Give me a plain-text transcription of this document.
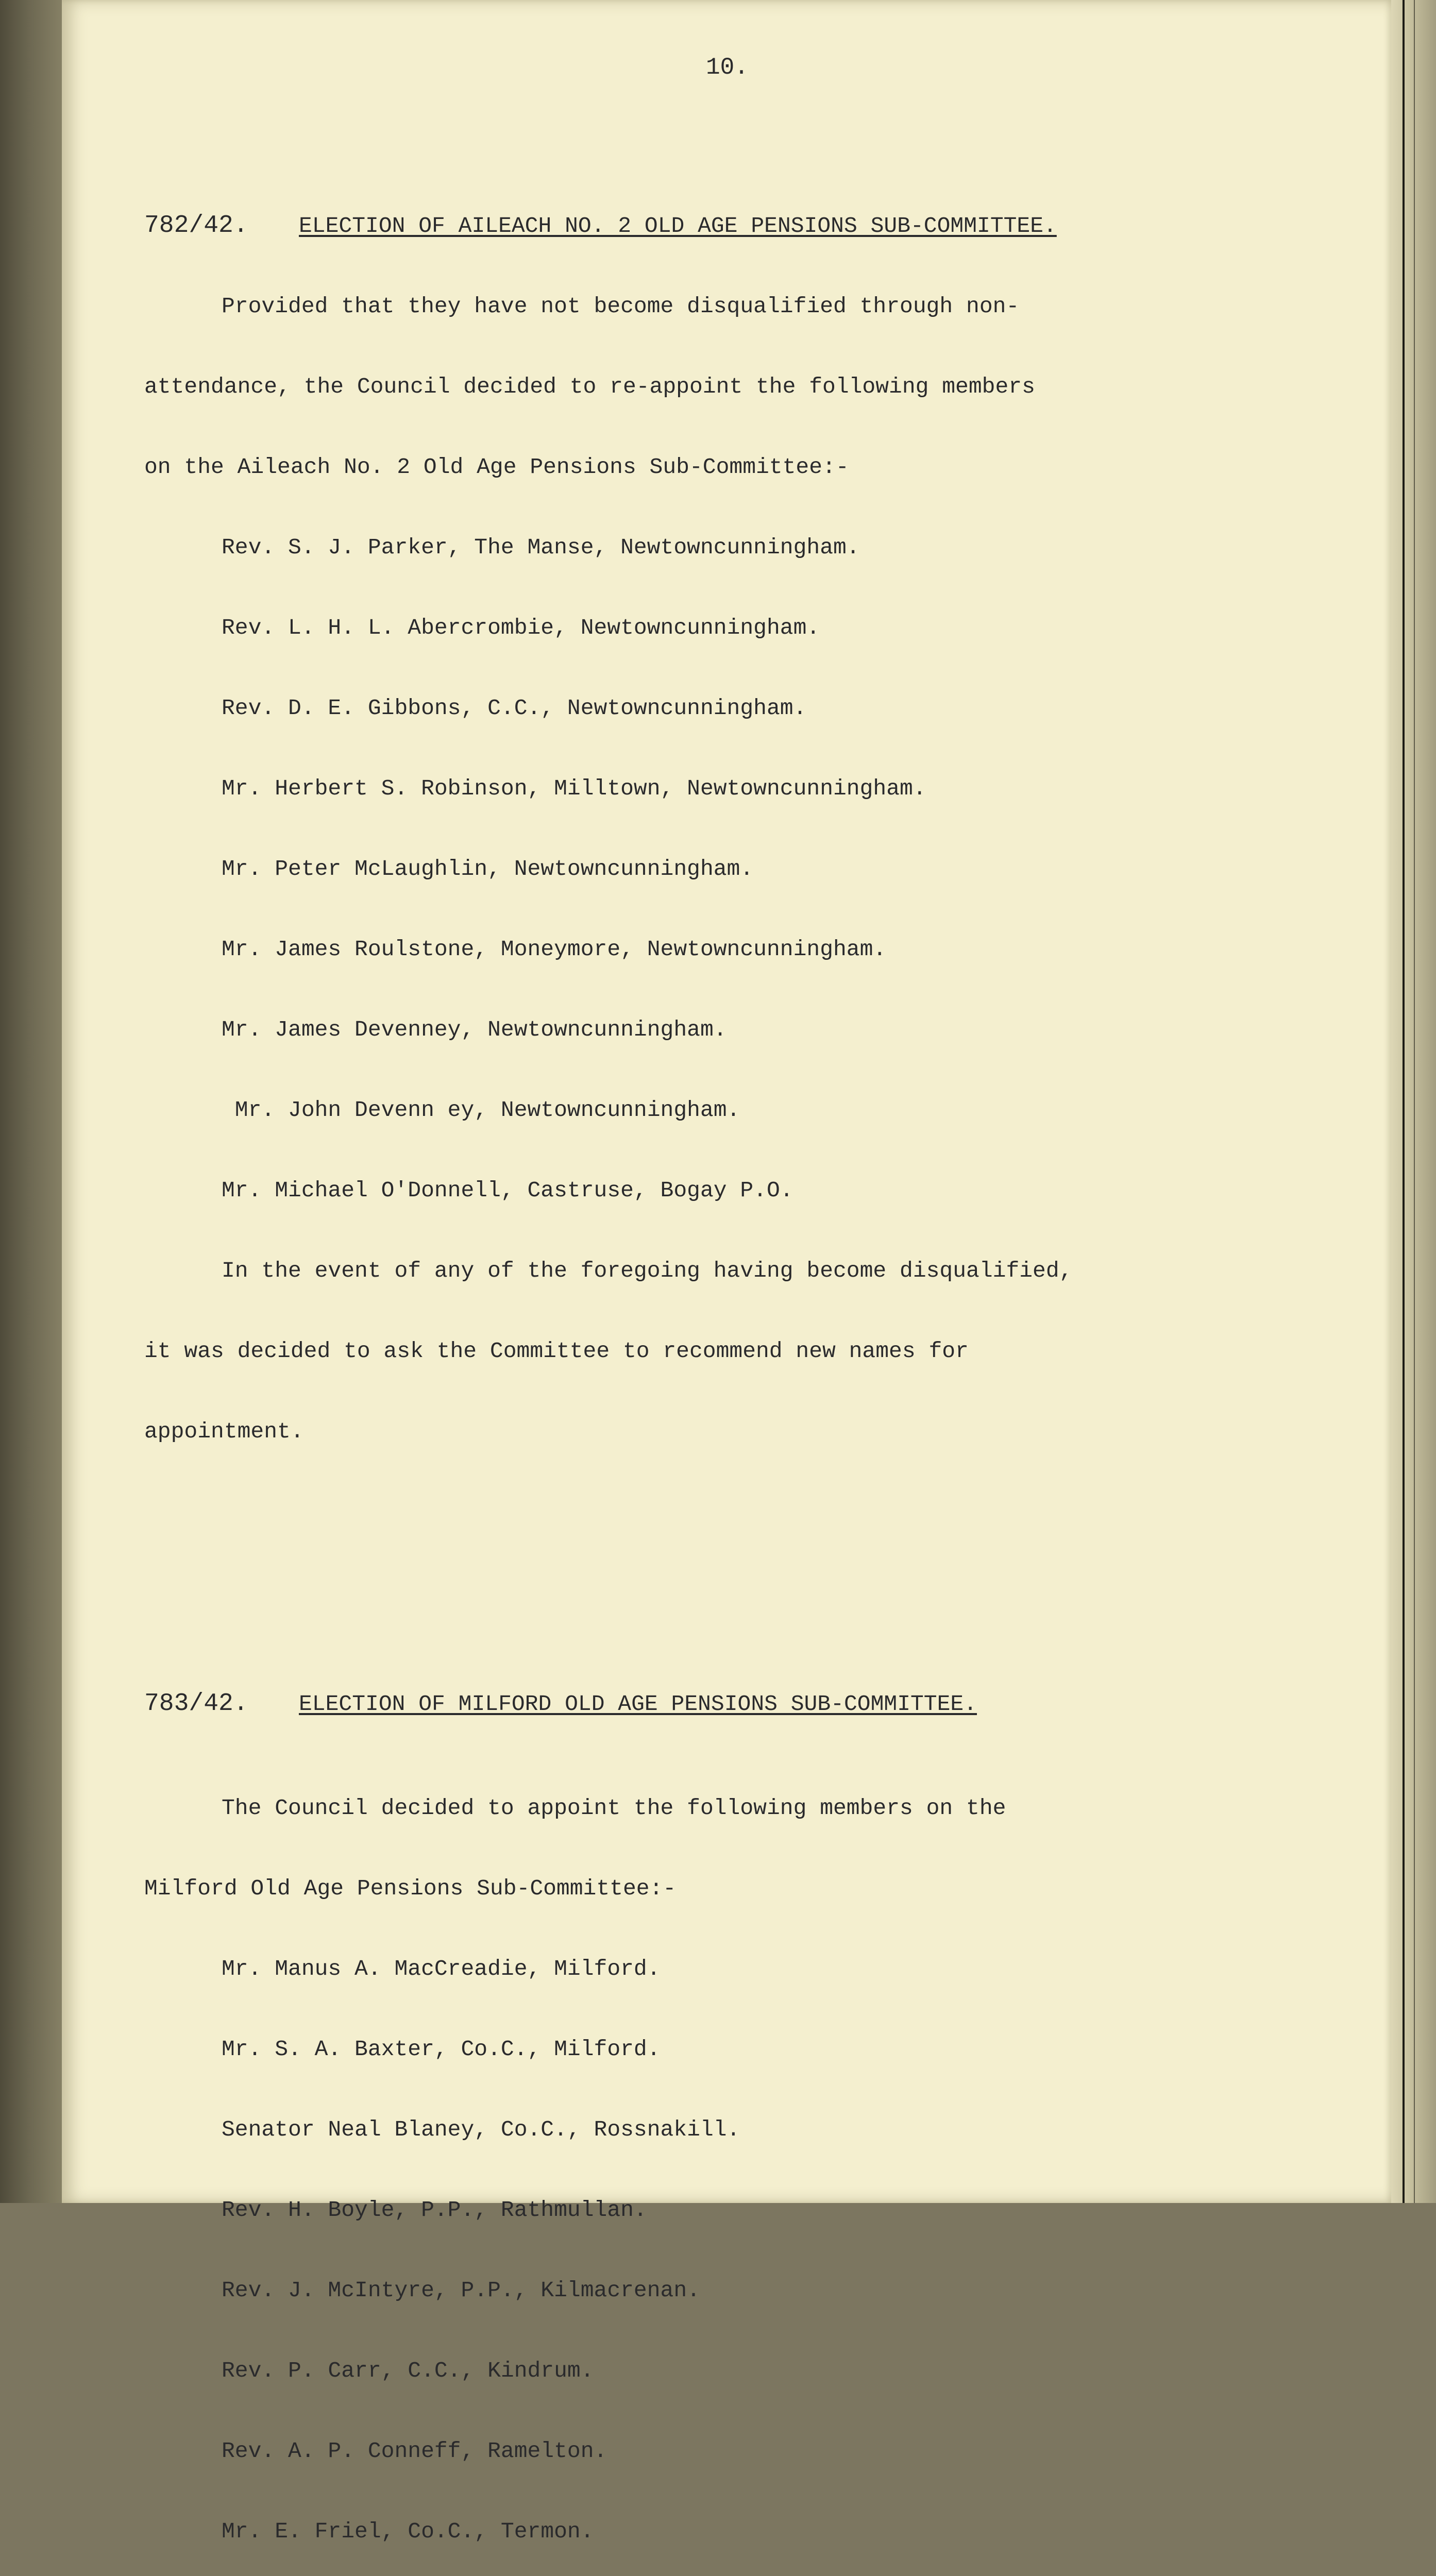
10.

782/42.	ELECTION OF AILEACH NO. 2 OLD AGE PENSIONS SUB-COMMITTEE.

Provided that they have not become disqualified through non-

attendance, the Council decided to re-appoint the following members

on the Aileach No. 2 Old Age Pensions Sub-Committee:-

Rev. S. J. Parker, The Manse, Newtowncunningham.

Rev. L. H. L. Abercrombie, Newtowncunningham.

Rev. D. E. Gibbons, C.C., Newtowncunningham.

Mr. Herbert S. Robinson, Milltown, Newtowncunningham.

Mr. Peter McLaughlin, Newtowncunningham.

Mr. James Roulstone, Moneymore, Newtowncunningham.

Mr. James Devenney, Newtowncunningham.

Mr. John Devenn ey, Newtowncunningham.

Mr. Michael O'Donnell, Castruse, Bogay P.O.

In the event of any of the foregoing having become disqualified,

it was decided to ask the Committee to recommend new names for

appointment.

783/42.	ELECTION OF MILFORD OLD AGE PENSIONS SUB-COMMITTEE.

The Council decided to appoint the following members on the

Milford Old Age Pensions Sub-Committee:-

Mr. Manus A. MacCreadie, Milford.

Mr. S. A. Baxter, Co.C., Milford.

Senator Neal Blaney, Co.C., Rossnakill.

Rev. H. Boyle, P.P., Rathmullan.

Rev. J. McIntyre, P.P., Kilmacrenan.

Rev. P. Carr, C.C., Kindrum.

Rev. A. P. Conneff, Ramelton.

Mr. E. Friel, Co.C., Termon.
